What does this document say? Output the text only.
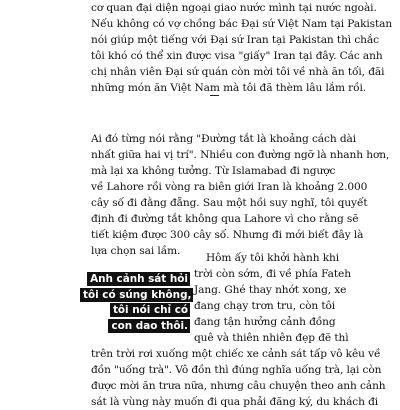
cơ quan đại diện ngoại giao nước mình tại nước ngoài.
Nếu không có vợ chồng bác Đại sứ Việt Nam tại Pakistan
nói giúp một tiếng với Đại sứ Iran tại Pakistan thì chắc
tôi khó có thể xin được visa "giấy" Iran tại đây. Các anh
chị nhân viên Đại sứ quán còn mời tôi về nhà ăn tối, đãi
những món ăn Việt Nam mà tôi đã thèm lâu lắm rồi.
Ai đó từng nói rằng "Đường tắt là khoảng cách dài
nhất giữa hai vị trí". Nhiều con đường ngỡ là nhanh hơn,
mà lại xa không tưởng. Từ Islamabad đi ngược
về Lahore rồi vòng ra biên giới Iran là khoảng 2.000
cây số đi đằng đẵng. Sau một hồi suy nghĩ, tôi quyết
định đi đường tắt không qua Lahore vì cho rằng sẽ
tiết kiệm được 300 cây số. Nhưng đi mới biết đây là
lựa chọn sai lầm.
Hôm ấy tôi khởi hành khi
trời còn sớm, đi về phía Fateh
Jang. Ghé thay nhớt xong, xe
đang chạy trơn tru, còn tôi
đang tận hưởng cảnh đồng
quê và thiên nhiên đẹp đẽ thì
trên trời rơi xuống một chiếc xe cảnh sát tấp vô kêu về
đồn "uống trà". Vô đồn thì đúng nghĩa uống trà, lại còn
được mời ăn trưa nữa, nhưng câu chuyện theo anh cảnh
sát là vùng này muốn đi qua phải đăng ký, du khách đi
Anh cảnh sát hỏi
tôi có súng không,
tôi nói chỉ có
con dao thôi.
